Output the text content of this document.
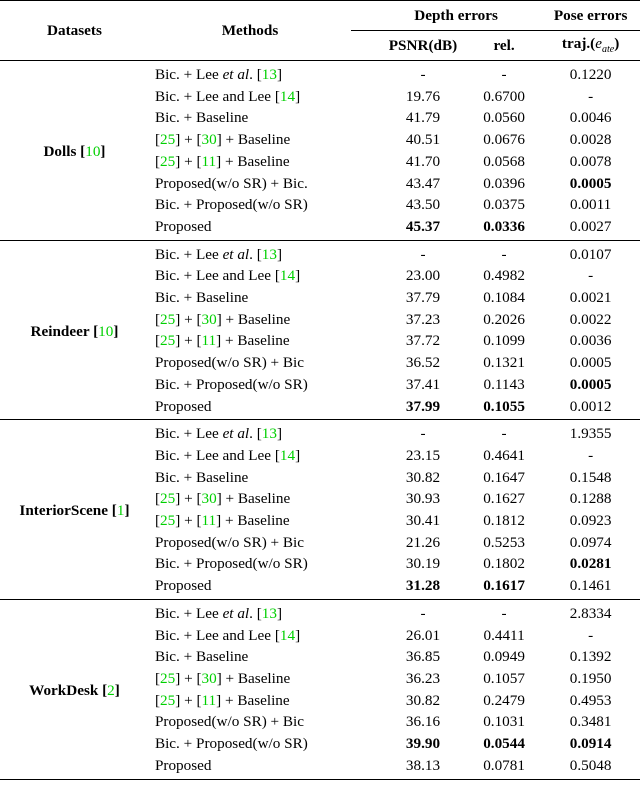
Datasets	Methods	Depth errors		Pose errors
		PSNR(dB)	rel.	$traj.(e_{ate})$
Dolls [10]	Bic. + Lee et al. [13]	-	-	0.1220
	Bic. + Lee and Lee [14]	19.76	0.6700	-
	Bic. + Baseline	41.79	0.0560	0.0046
	[25] + [30] + Baseline	40.51	0.0676	0.0028
	[25] + [11] + Baseline	41.70	0.0568	0.0078
	Proposed(w/o SR) + Bic.	43.47	0.0396	0.0005
	Bic. + Proposed(w/o SR)	43.50	0.0375	0.0011
	Proposed	45.37	0.0336	0.0027
Reindeer [10]	Bic. + Lee et al. [13]	-	-	0.0107
	Bic. + Lee and Lee [14]	23.00	0.4982	-
	Bic. + Baseline	37.79	0.1084	0.0021
	[25] + [30] + Baseline	37.23	0.2026	0.0022
	[25] + [11] + Baseline	37.72	0.1099	0.0036
	Proposed(w/o SR) + Bic	36.52	0.1321	0.0005
	Bic. + Proposed(w/o SR)	37.41	0.1143	0.0005
	Proposed	37.99	0.1055	0.0012
InteriorScene [1]	Bic. + Lee et al. [13]	-	-	1.9355
	Bic. + Lee and Lee [14]	23.15	0.4641	-
	Bic. + Baseline	30.82	0.1647	0.1548
	[25] + [30] + Baseline	30.93	0.1627	0.1288
	[25] + [11] + Baseline	30.41	0.1812	0.0923
	Proposed(w/o SR) + Bic	21.26	0.5253	0.0974
	Bic. + Proposed(w/o SR)	30.19	0.1802	0.0281
	Proposed	31.28	0.1617	0.1461
WorkDesk [2]	Bic. + Lee et al. [13]	-	-	2.8334
	Bic. + Lee and Lee [14]	26.01	0.4411	-
	Bic. + Baseline	36.85	0.0949	0.1392
	[25] + [30] + Baseline	36.23	0.1057	0.1950
	[25] + [11] + Baseline	30.82	0.2479	0.4953
	Proposed(w/o SR) + Bic	36.16	0.1031	0.3481
	Bic. + Proposed(w/o SR)	39.90	0.0544	0.0914
	Proposed	38.13	0.0781	0.5048
